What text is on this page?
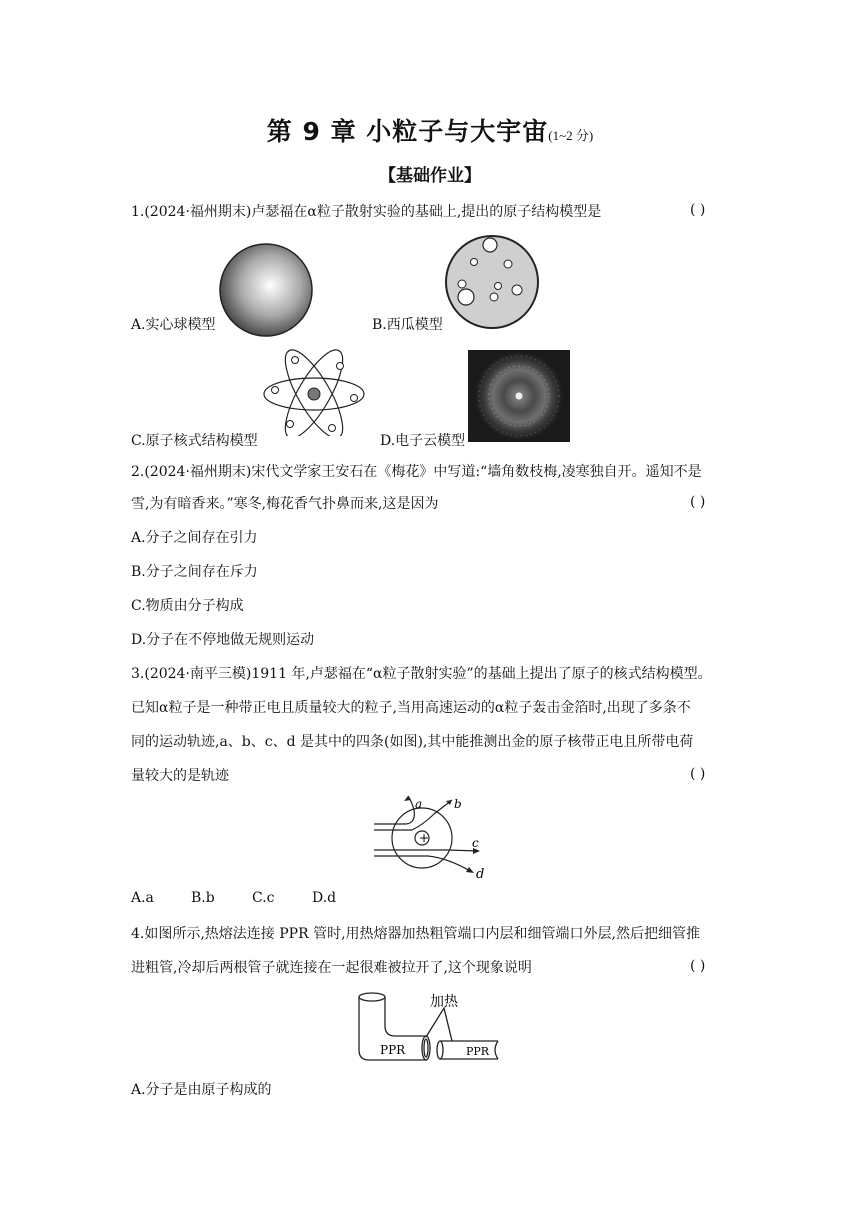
第 9 章 小粒子与大宇宙(1~2 分)
【基础作业】
1.(2024·福州期末)卢瑟福在α粒子散射实验的基础上,提出的原子结构模型是	( )
A.实心球模型	B.西瓜模型
C.原子核式结构模型	D.电子云模型
2.(2024·福州期末)宋代文学家王安石在《梅花》中写道:“墙角数枝梅,凌寒独自开。遥知不是
雪,为有暗香来。”寒冬,梅花香气扑鼻而来,这是因为	( )
A.分子之间存在引力
B.分子之间存在斥力
C.物质由分子构成
D.分子在不停地做无规则运动
3.(2024·南平三模)1911 年,卢瑟福在“α粒子散射实验”的基础上提出了原子的核式结构模型。
已知α粒子是一种带正电且质量较大的粒子,当用高速运动的α粒子轰击金箔时,出现了多条不
同的运动轨迹,a、b、c、d 是其中的四条(如图),其中能推测出金的原子核带正电且所带电荷
量较大的是轨迹	( )
+
a	b
c
d
A.a	B.b	C.c	D.d
4.如图所示,热熔法连接 PPR 管时,用热熔器加热粗管端口内层和细管端口外层,然后把细管推
进粗管,冷却后两根管子就连接在一起很难被拉开了,这个现象说明	( )
加热
PPR	PPR
A.分子是由原子构成的
